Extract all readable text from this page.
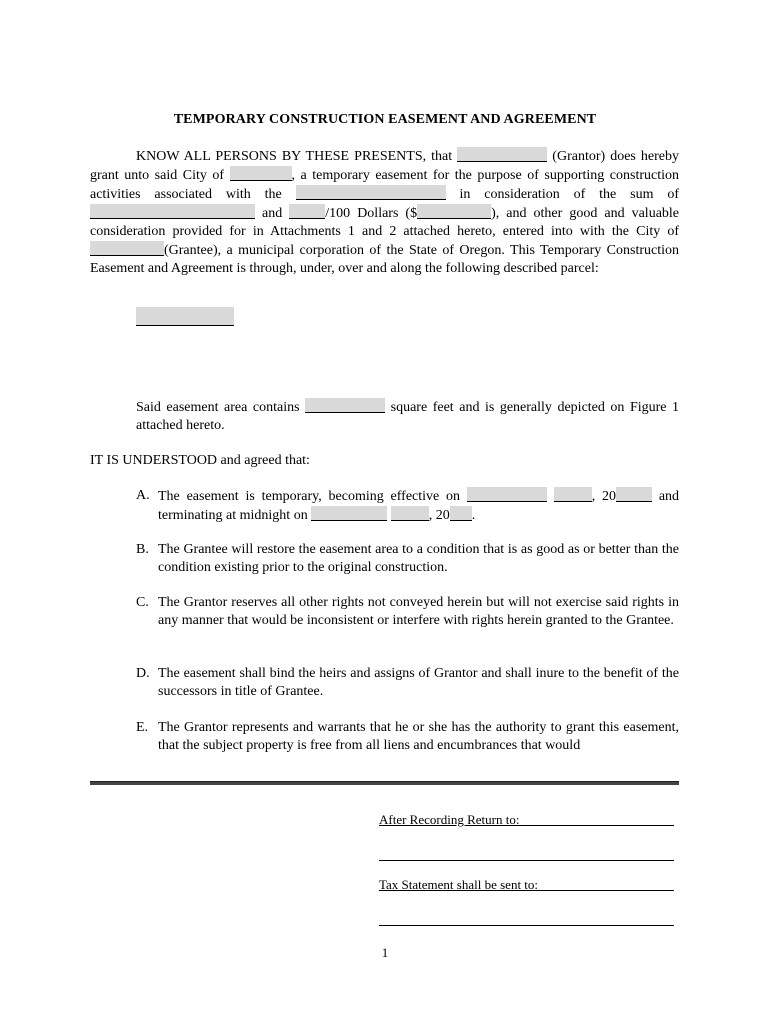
TEMPORARY CONSTRUCTION EASEMENT AND AGREEMENT
KNOW ALL PERSONS BY THESE PRESENTS, that	(Grantor) does hereby grant unto said City of	, a temporary easement for the purpose of supporting construction activities associated with the	in consideration of the sum of  and	/100 Dollars ($	), and other good and valuable consideration provided for in Attachments 1 and 2 attached hereto, entered into with the City of (Grantee), a municipal corporation of the State of Oregon. This Temporary Construction Easement and Agreement is through, under, over and along the following described parcel:
Said easement area contains	square feet and is generally depicted on Figure 1 attached hereto.
IT IS UNDERSTOOD and agreed that:
A. The easement is temporary, becoming effective on	, 20	and terminating at midnight on	, 20 .
B. The Grantee will restore the easement area to a condition that is as good as or better than the condition existing prior to the original construction.
C. The Grantor reserves all other rights not conveyed herein but will not exercise said rights in any manner that would be inconsistent or interfere with rights herein granted to the Grantee.
D. The easement shall bind the heirs and assigns of Grantor and shall inure to the benefit of the successors in title of Grantee.
E. The Grantor represents and warrants that he or she has the authority to grant this easement, that the subject property is free from all liens and encumbrances that would
After Recording Return to:
Tax Statement shall be sent to:
1
